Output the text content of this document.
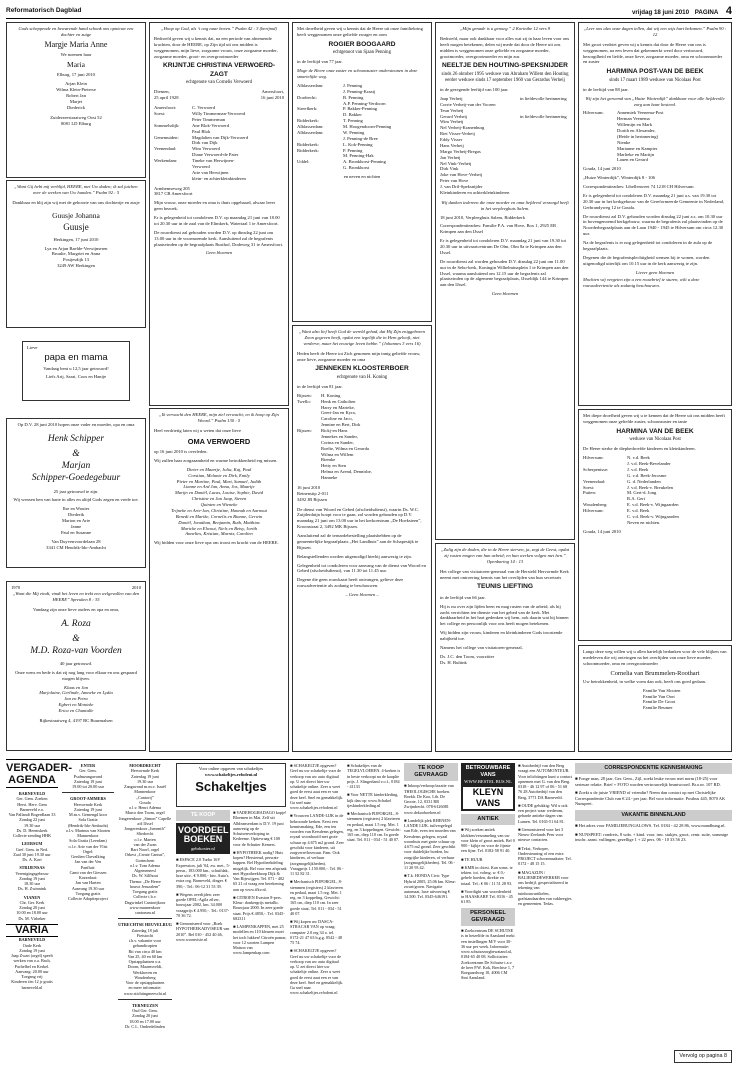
Reformatorisch Dagblad	vrijdag 18 juni 2010 PAGINA 4
Gods scheppende en bewarende hand schonk ons opnieuw een dochter en zuige
Margje Maria Anne
We noemen haar
Maria
Elburg, 17 juni 2010
Arjan Klein
Wilma Klein-Pieterse
Robert Jan
Marjet
Diederick
Zuiderzeestraatweg Oost 52
8081 LD Elburg
„Want Gij hebt mij verblijd, HEERE, met Uw daden; ik zal juichen over de werken van Uw handen.” Psalm 92 : 5
Dankbaar en blij zijn wij met de geboorte van ons dochtertje en zusje
Guusje Johanna
Guusje
Herkingen, 17 juni 2010
Lya en Arjan Baelde-Verwijmeren
Bruulie, Margriet en Anna
Postjesdijk 13
3249 AW Herkingen
Lieve
papa en mama
Vandaag bent u 12,5 jaar getrouwd!
Liefs Arij, Sarai, Coos en Hanije
Op D.V. 28 juni 2010 hopen onze vader en moeder, opa en oma
Henk Schipper
&
Marjan
Schipper-Goedegebuur
25 jaar getrouwd te zijn.
Wij wensen hen van harte in alles en altijd Gods zegen en vrede toe.
Ilse en Wouter
Diederik
Marion en Arie
Janne
Paul en Susanne
Van Duyvenvoordelaan 28
3341 CM Hendrik-Ido-Ambacht
1970	2010
„Want die Mij eindt, vindt het leven en trekt een welgevallen van den HEERE” Spreuken 8 : 35
Vandaag zijn onze lieve ouders en opa en oma,
A. Roza
&
M.D. Roza-van Voorden
40 jaar getrouwd.
Onze wens en bede is dat zij nog lang voor elkaar en ons gespaard mogen blijven.
Klaas en Jan
Marjolaine, Gerlinde, Janneke en Lydia
Jan en Petra
Egbert en Monieke
Erica en Chantalle
Rijkestraatweg 4, 4197 BC Buurmalsen
„Hoop op God, als ‘t oog naar boven.” Psalm 42 : 3 (berijmd)

Bedroefd geven wij u kennis dat, na een periode van afnemende krachten, door de HEERE, op Zijn tijd uit ons midden is weggenomen, mijn lieve, zorgzame vrouw, onze zorgzame moeder, zorgzame moeder, groot- en overgrootmoeder

KRIJNTJE CHRISTINA VERWOERD-ZAGT
echtgenote van Cornelis Verwoerd
Diemen,	Amersfoort,
25 april 1928	16 juni 2010
Amersfoort:	C. Verwoerd
Soest:	Willy Timmerman-Verwoerd
Peter Timmerman
Sommelsdijk:	Ane Blok-Verwoerd
Paul Blok
Genemuiden:	Magdalien van Dijk-Verwoerd
Dirk van Dijk
Veenendaal:	Wim Verwoerd
Diane Verwoerd-de Pater
Werkendam:	Tineke van Herwijnen-
Verwoerd
Arie van Herwijnen
klein- en achterkleinkinderen
Armhemseweg 205
3817 CB Amersfoort

Mijn vrouw, onze moeder en oma is thuis opgebaard, alwaar leeer geen bezoek.

Er is gelegenheid tot condoleren D.V. op maandag 21 juni van 18.00 tot 20.30 uur in de zaal van de Elimkerk, Watertaal 1 te Amersfoort.

De rouwdienst zal gehouden worden D.V. op dinsdag 22 juni om 13.00 uur in de voormoemde kerk. Aansluitend zal de begrafenis plaatsvinden op de begraafplaats Rusthof, Dodeweg 31 te Amersfoort.

Geen bloemen
„Ik verwacht den HEERE, mijn ziel verwacht; en ik hoop op Zijn Woord.” Psalm 130 : 5

Heel verdrietig laten wij u weten dat onze lieve

OMA VERWOERD

op 16 juni 2010 is overleden.

Wij zullen haar zorgzaamheid en warme betrokkenheid erg missen.

Dieter en Maartje, Julia, Kaj, Paul
Corstian, Melanie en Dirk, Emily
Pieter en Martine, Paul, Mart, Samuel, Judith
Lianne en Ard Jan, Anna, Jos, Maartje
Marijn en Daniël, Lucas, Louise, Sophie, David
Christine en Jan Jaap, Steven
Quinten en Wieneke
Trijneke en Arie-Jan, Christine, Hannah en Aarnout
Benedi en Marike, Cornelis en Bianne, Gerwin
Daniël, Jonathan, Benjamin, Ruth, Matthias
Maricke en Elwout, Niels en Betsy, Jorith
Annelies, Kristian, Marnix, Carolien

Wij bidden voor onze lieve opa om troost en kracht van de HEERE.

Met droefheid geven wij u kennis dat de Heere uit onze familiekring heeft weggenomen onze geliefde zwager en oom

ROGIER BOOGAARD
echtgenoot van Sjaan Penning

in de leeftijd van 77 jaar.

Moge de Heere onze zuster en schoonzuster ondersteunen in deze smartelijke weg.

Alblasserdam:	J. Penning
J. Penning-Kraaij
Dordrecht:	B. Penning
A.P. Penning-Verdoorn
Streefkerk:	P. Bakker-Penning
D. Bakker
Ridderkerk:	T. Penning
Alblasserdam:	M. Hoogendoorn-Penning
Alblasserdam:	W. Penning
J. Penning-de Bree
Ridderkerk:	L. Kok-Penning
Ridderkerk:	P. Penning
M. Penning-Hak
Uddel:	A. Bronkhorst-Penning
G. Bronkhorst
en neven en nichten
„Want alzo lief heeft God de wereld gehad, dat Hij Zijn eniggeboren Zoon gegeven heeft, opdat een iegelijk die in Hem gelooft, niet verderve, maar het eeuwige leven hebbe.” (Johannes 3 vers 16)

Heden heeft de Heere tot Zich genomen mijn innig geliefde vrouw, onze lieve, zorgzame moeder en oma

JENNEKEN KLOOSTERBOER
echtgenote van H. Koning

in de leeftijd van 81 jaar.

Bijssen:	H. Koning
Twello:	Henk en Catholien
Harry en Marieke,
Geert-Jan en Kyra,
Caroline en Jaco,
Jennine en Bert, Dirk
Bijssen:	Rickj-en Hans
Jennekes en Sander,
Corina en Sander,
Roelie, Wilma en Gerarda
Wilma en Willem
Riemke
Hetty en Sten
Helma en Arend, Dennisbe,
Hanneke
16 juni 2010
Reinenstip 2-011
3492 JB Bijssen

De dienst van Woord en Gebed (afscheidsdienst), waarin Ds. W.C. Zuijderduijn hoopt voor te gaan, zal worden gehouden op D.V. maandag 21 juni om 13.00 uur in het kerkcentrum „De Hoeksteen”, Kroonstraat 2, 3492 MK Bijssen.

Aansluitend zal de ternardebestelling plaatshebben op de gemeentelijke begraafplaats „Het Landhuis” aan de Schapestijk te Bijssen.

Belangstellenden worden uitgenodigd hierbij aanwezig te zijn.

Gelegenheid tot condoleren voor aanvang van de dienst van Woord en Gebed (afscheidsdienst), van 11.30 tot 11.45 uur.

Degene die geen rouwkaart heeft ontvangen, gelieve deze rouwadvertentie als zodanig te beschouwen.

– Geen bloemen –
„Mijn genade is u genoeg.” 2 Korinthe 12 vers 9

Bedroefd, maar ook dankbaar voor alles wat zij in haar leven voor ons heeft mogen betekenen, delen wij mede dat door de Heere uit ons midden is weggenomen onze geliefde en zorgzame moeder, grootmoeder, overgrootmoeder en mijn zus

NEELTJE DEN HOUTING-SPEKSNIJDER
sinds 26 oktober 1995 weduwe van Abraham Willem den Houting eerder weduwe sinds 17 september 1960 van Gerardus Verheij

in de gezegende leeftijd van 100 jaar.

Jaap Verheij	in liefdevolle herinnering
Corrie Verheij-van der Vooren
Teun Verheij
Gerard Verheij	in liefdevolle herinnering
Wim Verheij
Nel Verheij-Kranenburg
Riet Visser-Verheij
Eddy Visser
Hans Verheij
Margo Verheij-Bregas
Jan Verheij
Nel Vink-Verheij
Dirk Vink
Joke van Hove-Verheij
Peter van Hove
J. van Dril-Speksnijder
Kleinkinderen en achterkleinkinderen

Wij danken iedereen die onze moeder en oma liefdevol verzorgd heeft in het verpleeghuis Salem.

18 juni 2010, Verpleeghuis Salem, Ridderkerk

Correspondentieadres: Familie P.A. van Hove, Box 1, 2925 ER Krimpen aan den IJssel

Er is gelegenheid tot condoleren D.V. maandag 21 juni van 19.30 tot 20.30 uur in uitvaartcentrum De Olm, Olm 8a te Krimpen aan den IJssel.

De rouwdienst zal worden gehouden D.V. dinsdag 22 juni om 11.00 uur in de Sebo-kerk, Koningin Wilhelminaplein 1 te Krimpen aan den IJssel, waarna aansluitend om 12.15 uur de begrafenis zal plaatsvinden op de algemene begraafplaats, IJsseldijk 144 te Krimpen aan den IJssel.

Geen bloemen
„Zalig zijn de doden, die in de Heere sterven, ja, zegt de Geest, opdat zij rusten mogen van hun arbeid; en hun werken volgen met hen.” Openbaring 14 : 13

Het college van visitatoren-generaal van de Hersteld Hervormde Kerk neemt met ontroering kennis van het overlijden van hun secretaris

TEUNIS LIEFTING

in de leeftijd van 66 jaar.

Hij is nu over zijn lijden heen en mag rusten van de arbeid, als hij zacht verrichten ten dienste van het gebed van de kerk. Met dankbaarheid in het hart gedenken wij hem, ook daarin wat hij binnen het college en persoonlijk voor ons heeft mogen betekenen.

Wij bidden zijn vrouw, kinderen en kleinkinderen Gods troostende nabijheid toe.

Namens het college van visitatoren-generaal,

Ds. J.C. den Toom, voorzitter
Ds. H. Bultink
„Leer ons alzo onze dagen tellen, dat wij een wijs hart bekomen.” Psalm 90 : 12

Met groot verdriet geven wij u kennis dat door de Heere van ons is weggenomen, na een leven dat gekenmerkt werd door vertrouwd, bezorgdheid en liefde, onze lieve, zorgzame moeder, oma en schoonmoeder en zuster

HARMINA POST-VAN DE BEEK
sinds 17 maart 1989 weduwe van Nicolaas Post

in de leeftijd van 88 jaar.

Wij zijn het geroemd van „Huize Winterdijk” dankbaar voor alle liefdevolle zorg aan haar besteed.

Hilversum:	Annemiek Veenema-Post
Herman Veenema
Willemijn en Mark
Dorith en Alexander,
(Heide in herinnering)
Nienke
Marianne en Kampier
Marlieke en Martijn
Lauen en Gerard

Gouda, 14 juni 2010

„Huize Winterdijk”, Winterdijk 8 - 106

Correspondentieadres: Libellenweet 74 1218 CH Hilversum

Er is gelegenheid tot condoleren D.V. maandag 21 juni a.s. van 19.30 tot 20.30 uur in het kerkgebouw van de Gereformeerde Gemeente in Nederland, Gerbrandyweg 12 te Gouda.

De rouwdienst zal D.V. gehouden worden dinsdag 22 juni a.s. om 10.30 uur in bovengenoemd kerkgebouw, waarna de begrafenis zal plaatsvinden op de Noorderbegraafplaats aan de Laan 1940 - 1945 te Hilversum om circa 12.30 uur.

Na de begrafenis is er nog gelegenheid tot condoleren in de aula op de begraafplaats.

Degenen die de begrafenisplechtigheid wensen bij te wonen, worden uitgenodigd uiterlijk om 10.15 uur in de kerk aanwezig te zijn.

Liever geen bloemen

Mochten wij vergeten zijn u een rouwbrief te sturen, wilt u deze rouwadvertentie als zodanig beschouwen.

Met diepe droefheid geven wij u te kennen dat de Heere uit ons midden heeft weggenomen onze geliefde zuster, schoonzuster en tante

HARMINA VAN DE BEEK
weduwe van Nicolaas Post

De Heere sterke de diepbedroefde kinderen en kleinkinderen.

Hilversum:	N. v.d. Beek
J. v.d. Beek-Bevelander
Scherpenisse:	J. v.d. Beek
G. v.d. Beek-Jerosme
Veenendaal:	G. d. Nederlanden
Soest:	J. v.d. Beek-v. Breukelen
Putten:	M. Gert-d. Jong
R.A. Gert
Woudenberg:	E. v.d. Beek-v. Wijngaarden
Hilversum:	E. v.d. Beek
C. v.d. Beek-v. Wijngaarden
Neven en nichten.

Gouda, 14 juni 2010

Langs deze weg willen wij u allen hartelijk bedanken voor de vele blijken van medeleven die wij ontvingen na het overlijden van onze lieve moeder, schoonmoeder, oma en overgrootmoeder

Cornelia van Brummelen-Roothart

Uw betrokkenheid, in welke vorm dan ook, heeft ons goed gedaan.

Familie Van Slooten
Familie Van Oort
Familie De Groot
Familie Beumer
VERGADER-AGENDA
BARNEVELD
Ger. Gem. Zoeken
Herst. Herv. Gem
Barneveld e.o.
Van Pallandt Bogerdlaan 33
Zondag 22 juni
19.30 uur
Ds. D. Heemskerk
Collecte zending HHK
LEERSUM
Gref. Gem. in Ned.
Zaal 30 juni 19.30 uur
Ds. A. Kort
STRIJENSAS
Verenigingsgebouw
Zondag 19 juni
18.30 uur
Ds. H. Zwinnink
VIANEN
Chr. Ger. Kerk
Zondag 20 juni
10.00 en 18.00 uur
Ds. M. Visbeker
VARIA
BARNEVELD
Oude Kerk
Zondag 19 juni
Jaap Zwart (orgel) speelt werken van o.a. Bach, Pachelbel en Kerkel.
Aanvang: 20.00 uur
Toegang vrij
Kinderen t/m 12 jr gratis
barneveld.nl
ENTER
Ger. Gem.
Psalmzangavond
Zaterdag 19 juni
19.00 tot 20.00 uur
GROOT-AMMERS
Hervormde Kerk
Zaterdag 19 juni
M.m.v. Gemengd koor
Sola Gratia
(Hendrik-Ido-Ambacht)
o.l.v. Marinus van Slooten
Mannenkoor
Sola Gratia (Leerdam)
o.l.v. Arie van der Vlist
Orgel:
Gerdien Chevalking
Jan van der Ven
Panfluit:
Cami van der Giessen
Kozzrdaat:
Jan van Harten
Aanvang 19.30 uur
Toegang gratis
Collecte Adoptieproject
MOORDRECHT
Hervormde Kerk
Zaterdag 19 juni
19.30 uur
Zangavond m.m.v. Israël Mannenkoor
„Cantorij”
Gouda
o.l.v. Henri Adema
Marco den Toom, orgel
Jongerenkoor „Simon” Capelle a/d IJssel
Jongerenkoor „Ismenth” Sliedrecht
o.l.v. Marten
van der Zwan
Bart Noorl, orgel
Orkest „Create Cantus”, Gorinchem
o.l.v. Tom Adema
Algemeneesl
Ds. W. Silfhout
Thema: „De Heere
bouwt Jeruzalem”
Toegang gratis
Collecte t.b.v.
Dagwinkel Cantorijkoor
www.mannenkoor
cantorum.nl
UTRECHTSE HEUVELRUG
Zaterdag 18 juli
Fietstocht
t.b.v. vakantie voor gehandicapten
Rit van circa 40 km
Van 25, 40 en 60 km
Opstapplaatsen o.a.
Doorn, Maarnsveldi,
Werkhoven en
Woudenberg
Voor de opstapplaatsen
en meer informatie:
www.stichtingmeeschi.nl
TERNEUZEN
Oud Ger. Gem.
Zondag 20 juni
18.00 en 17.00 uur
Dr. C.L. Onderdelinden
Voor online opgaven van schakeltjes
www.schakeltjes.refodeni.nl
Schakeltjes
TE KOOP
VOORDEEL BOEKEN
gebrkoster.nl
■ ESPACE 2.0 Turbo 16V Expression, juli '04, zw. met., 5-persn., 183.000 km., schuifdak, luxe uitv., € 9.800,- btw. Auto's. extra org. Barneveld, dinger. € 390,-. Tel.: 06-12 31 53 39.
■ Wegens overlijden: zeer goede OPEL-Agila zilver, bouwjaar 2002, km. 34.000 vraagprijs € 4.950,-. Tel.: 0137-70 36 72.
■ Gemoniseerd voor „Boek HYPOTHEEKADVISEUR van 2010”. Bel 010 - 452 40 46, www.woonvisie.nl
■ VADEHOGHADAGO kopje! Bloemen in Mai. Zelf uit Albleanserdam is D.V. 19 juni aanwezig op de Schutsenverkoping in Kedeeme. Optievraag € 100 voor de Schutter Kemers.
■ HYPOTHEEK nodig? Huis kopen? Hersteeud, persrate kappen. Bel Hypotheekdeling mogelijk. Bel voor een afspraak met Hypotheekhoop Dijk & Van Rijswijgen. Tel. 071 - 402 65 21 of vraag een berekening aan op www.ifkv.nl.
■ CITROEN Evasion 8-pers. Kleur: donkergrijs metallic. Bouwjaar 2000. In zeer goede staat. Prijs € 4850,-. Tel. 0345-682311
■ LAMPENKAPPEN, met 25 modellen en 110 kleuren moet het toch lukken! Citroën pomar, voor 12 soorten Lampen Maison van www.lampenkap.com
■ SCHAKELTJE opgeven? Geef nu uw schakeltje voor de verkoop van uw auto digitaal op. U zet direct hier uw schakeltje online. Zeer u weet goed de eerst aaat een er van deze keel. Snel en gemakkelijk. Ga snel naar www.schakeltjes.refodeni.nl
■ Vrouwen LANDE-LIJK in de bekroonde kerken. Eerst een kennismaking. Ede, een ten voorden van Kersdems gelegen, royaal woonhoofd met grote schuur op 4.675 m2 grond. Zeer geschikt voor kinderen, uit zorgverre/bezwaar. Fam. Ook kinderen, of verhuur (zorgmogelijkheden). Vraagprijs 1.150.000,-. Tel. 06 - 11 52 82 31.
■ Mechanisch PIJPORGEL, 8-stemmen (registers) 2 klavieren en pedaal, maat 1.5 reg. Met. 1 reg. en 3 koppeling. Gewicht: 165 cm, diep 110 cm. In zeer goede staat. Tel. 011 - 034 - 51 40 07.
■ Wij kopen uw DASCA-STRACAR VAN op vraag: computer 2.0 reg 34 o. tel. 0172-21 47 63 b.g.g. 0542 - 48 75 74.
■ SCHAKELTJE opgeven? Geef nu uw schakeltje voor de verkoop van uw auto digitaal op. U zet direct hier uw schakeltje online. Zeer u weet goed de eerst aaat een er van deze keel. Snel en gemakkelijk. Ga snel naar www.schakeltjes.refodeni.nl
■ Schakeltjes van de TEGELVLOEREN. 4-kerken is in beste verkoopt na de kaaplie prijs. J. Slingerland v.o.f., 0184 - 41133
■ Voor NETTE kinderkleding, kijk dan op: www.Schakel tjeskinderkleding.nl
■ Mechanisch PIJPORGEL, 8-stemmen (registers) 2 klavieren en pedaal, maat 1.5 reg. Met. 1 reg. en 3 koppelingen. Gewicht: 165 cm, diep 110 cm. In goede staat. Tel. 011 - 034 - 51 40 07.
TE KOOP GEVRAAGD
■ Inkoop/verkoop/taxatie van THEOLOGISCHE boeken. Boekh. De Koo, Lth. De Groote, 12, 0331 RR Zwijndrecht. 078-6126081 www.dekooboeken.nl
■ Landelijk plek RHENEN-LANDE LIJK. tuilvergelegd van Ede, even ten noorden van Kersdems gelegen, royaal woonhuis met grote schuur op 4.675 m2 grond. Zeer geschikt voor duidelijke borden, bu zorgrijke kinderen, of verhuur (zorgmogelijkheden). Tel. 06 - 11 20 93 42.
■ T.k. HONDA Civic Type Hybrid 2005, 25.06 km. Kleur: zwart/groen. Navigatie automaat, luxe uitvoering € 14.500. Tel. 0345-646191.
BETROUWBARE VANS
WWW.BESTEL BUS.NL
KLEYN VANS
ANTIEK
■ Wij zoeken antiek klokken/verzameling van uw voor klein of groot antiek. Bel 0 900 - kijkje en voor de fijnste een fijne. Tel. 0182-58 91 40.
■ TE HUUR
■ KMR in chirst. Kan soms. te tekten. tot. volmg. w. € 0,- gehele hoeden, direkte en totaal. Tel.: € 06 / 11 51 28 93.
■ Voordighi van woordenheid in HAASKARP. Tel. 0316 - 45 61 85.
PERSONEEL GEVRAAGD
■ Zoekcentrum DE SCHUTSE is in hetzelfde in Aaasland mekt een instellingen M/V voor 30-36 uur per week. Informatie: www.schutsezorgbewatand.nl, 0184-65 40 08. Sollicitaties: Zoekcentrum De Schutse t.a.v. de heer P.W. Kok, Brechtse 1, 7 Boegaardweg 10, 4006 CM Sint Aansland.
■ Autobedrijf van den Berg vraagt een AUTOMONTEUR. Voor inlichtingen kunt u contact opnemen met G. van den Berg. 0318 - 46 12 97 of 06 - 51 68 76 28 Autobedrijf van den Berg, 3771 DA Barneveld.
■ OUDE gelukkig: Wil u ook een project waar wederom, geharde antieke dagen van Lumen. Tel. 0165-51 64 81.
■ Gemonisieerd voor het 3 Nieuw-Zeelands Peru voor nieuwe contacten.
■ Tekst, Verkoper, Ondersteuning of een extra PROJECT schoonmaakster. Tel. 0172 - 48 15 15.
■ MAGAZIJN / BALIEMEDEWERKER voor ons bedrijf, gespecialiseerd in tekening van tuinbouwartikelen, grafstandaarden van vakheegjes en gemeenten. Tedas.
CORRESPONDENTIE KENNISMAKING
■ Fonge man, 28 jaar, Ger. Gem., Zijl, zoekt leuke vrouw met norm (18-25) voor serieuze relatie. Brief + FOTO worden vertrouwelijk beantwoord. Br.o.nr. 107 RD.
■ Zoekt u de juiste VRIEND of vriendin? Neem dan contact op met Christelijke Correspondentie Club van € 24.- per jaar. Bel voor informatie. Postbus 445, 8070 AK Nunspeet.
VAKANTIE BINNENLAND
■ Het adres voor FAMILIEBUNGALOWS. Tel. 0184 - 42 28 86, www.mandbung.nl.
■ NUNSPEET: rondreis, 8 wdn. + kind. voor. inw. stukjes, groot, centr. suite, sommige inschr. aanst. vullingen, gezellige 1 + 22 pers. 06 - 10 33 56 23.
Vervolg op pagina 8
